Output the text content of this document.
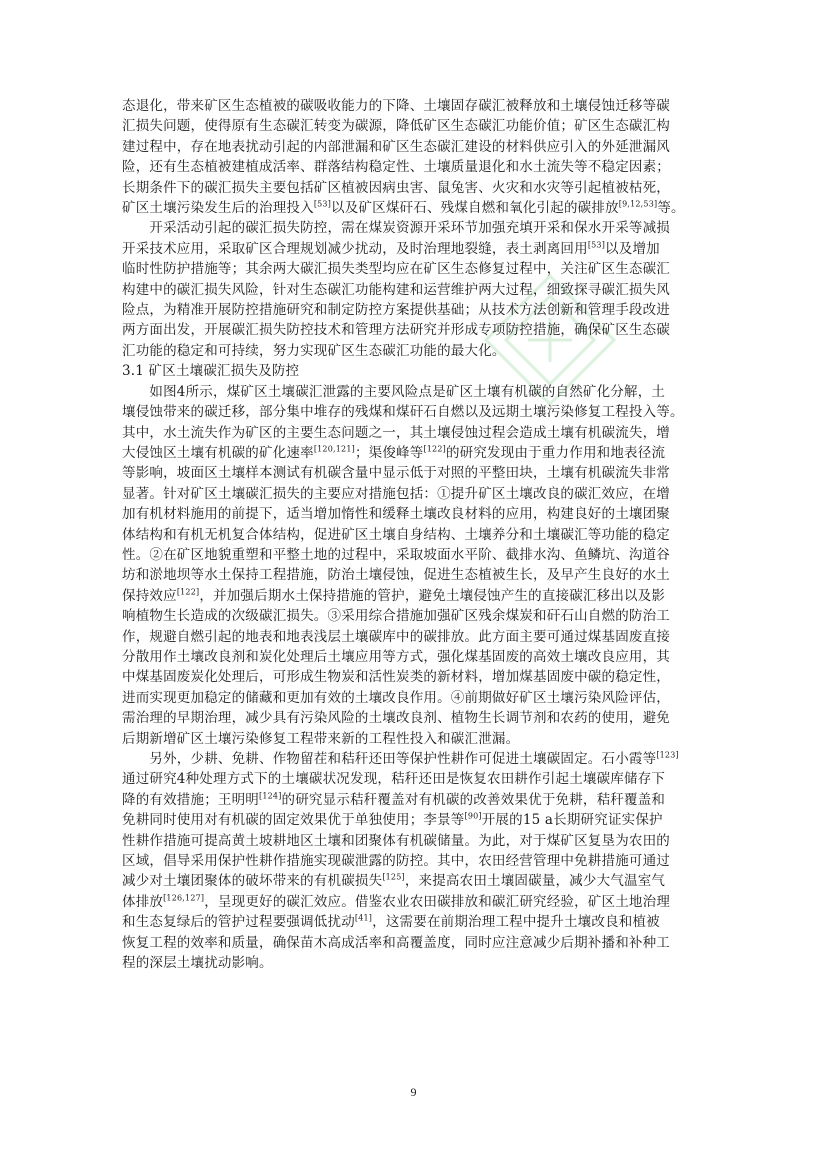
态退化，带来矿区生态植被的碳吸收能力的下降、土壤固存碳汇被释放和土壤侵蚀迁移等碳
汇损失问题，使得原有生态碳汇转变为碳源，降低矿区生态碳汇功能价值；矿区生态碳汇构
建过程中，存在地表扰动引起的内部泄漏和矿区生态碳汇建设的材料供应引入的外延泄漏风
险，还有生态植被建植成活率、群落结构稳定性、土壤质量退化和水土流失等不稳定因素；
长期条件下的碳汇损失主要包括矿区植被因病虫害、鼠兔害、火灾和水灾等引起植被枯死，
矿区土壤污染发生后的治理投入[53]以及矿区煤矸石、残煤自燃和氧化引起的碳排放[9,12,53]等。
　　开采活动引起的碳汇损失防控，需在煤炭资源开采环节加强充填开采和保水开采等减损
开采技术应用，采取矿区合理规划减少扰动，及时治理地裂缝，表土剥离回用[53]以及增加
临时性防护措施等；其余两大碳汇损失类型均应在矿区生态修复过程中，关注矿区生态碳汇
构建中的碳汇损失风险，针对生态碳汇功能构建和运营维护两大过程，细致探寻碳汇损失风
险点，为精准开展防控措施研究和制定防控方案提供基础；从技术方法创新和管理手段改进
两方面出发，开展碳汇损失防控技术和管理方法研究并形成专项防控措施，确保矿区生态碳
汇功能的稳定和可持续，努力实现矿区生态碳汇功能的最大化。
3.1 矿区土壤碳汇损失及防控
　　如图4所示，煤矿区土壤碳汇泄露的主要风险点是矿区土壤有机碳的自然矿化分解，土
壤侵蚀带来的碳迁移，部分集中堆存的残煤和煤矸石自燃以及远期土壤污染修复工程投入等。
其中，水土流失作为矿区的主要生态问题之一，其土壤侵蚀过程会造成土壤有机碳流失，增
大侵蚀区土壤有机碳的矿化速率[120,121]；渠俊峰等[122]的研究发现由于重力作用和地表径流
等影响，坡面区土壤样本测试有机碳含量中显示低于对照的平整田块，土壤有机碳流失非常
显著。针对矿区土壤碳汇损失的主要应对措施包括：①提升矿区土壤改良的碳汇效应，在增
加有机材料施用的前提下，适当增加惰性和缓释土壤改良材料的应用，构建良好的土壤团聚
体结构和有机无机复合体结构，促进矿区土壤自身结构、土壤养分和土壤碳汇等功能的稳定
性。②在矿区地貌重塑和平整土地的过程中，采取坡面水平阶、截排水沟、鱼鳞坑、沟道谷
坊和淤地坝等水土保持工程措施，防治土壤侵蚀，促进生态植被生长，及早产生良好的水土
保持效应[122]，并加强后期水土保持措施的管护，避免土壤侵蚀产生的直接碳汇移出以及影
响植物生长造成的次级碳汇损失。③采用综合措施加强矿区残余煤炭和矸石山自燃的防治工
作，规避自燃引起的地表和地表浅层土壤碳库中的碳排放。此方面主要可通过煤基固废直接
分散用作土壤改良剂和炭化处理后土壤应用等方式，强化煤基固废的高效土壤改良应用，其
中煤基固废炭化处理后，可形成生物炭和活性炭类的新材料，增加煤基固废中碳的稳定性，
进而实现更加稳定的储藏和更加有效的土壤改良作用。④前期做好矿区土壤污染风险评估，
需治理的早期治理，减少具有污染风险的土壤改良剂、植物生长调节剂和农药的使用，避免
后期新增矿区土壤污染修复工程带来新的工程性投入和碳汇泄漏。
　　另外，少耕、免耕、作物留茬和秸秆还田等保护性耕作可促进土壤碳固定。石小霞等[123]
通过研究4种处理方式下的土壤碳状况发现，秸秆还田是恢复农田耕作引起土壤碳库储存下
降的有效措施；王明明[124]的研究显示秸秆覆盖对有机碳的改善效果优于免耕，秸秆覆盖和
免耕同时使用对有机碳的固定效果优于单独使用；李景等[90]开展的15 a长期研究证实保护
性耕作措施可提高黄土坡耕地区土壤和团聚体有机碳储量。为此，对于煤矿区复垦为农田的
区域，倡导采用保护性耕作措施实现碳泄露的防控。其中，农田经营管理中免耕措施可通过
减少对土壤团聚体的破坏带来的有机碳损失[125]，来提高农田土壤固碳量，减少大气温室气
体排放[126,127]，呈现更好的碳汇效应。借鉴农业农田碳排放和碳汇研究经验，矿区土地治理
和生态复绿后的管护过程要强调低扰动[41]，这需要在前期治理工程中提升土壤改良和植被
恢复工程的效率和质量，确保苗木高成活率和高覆盖度，同时应注意减少后期补播和补种工
程的深层土壤扰动影响。
9
